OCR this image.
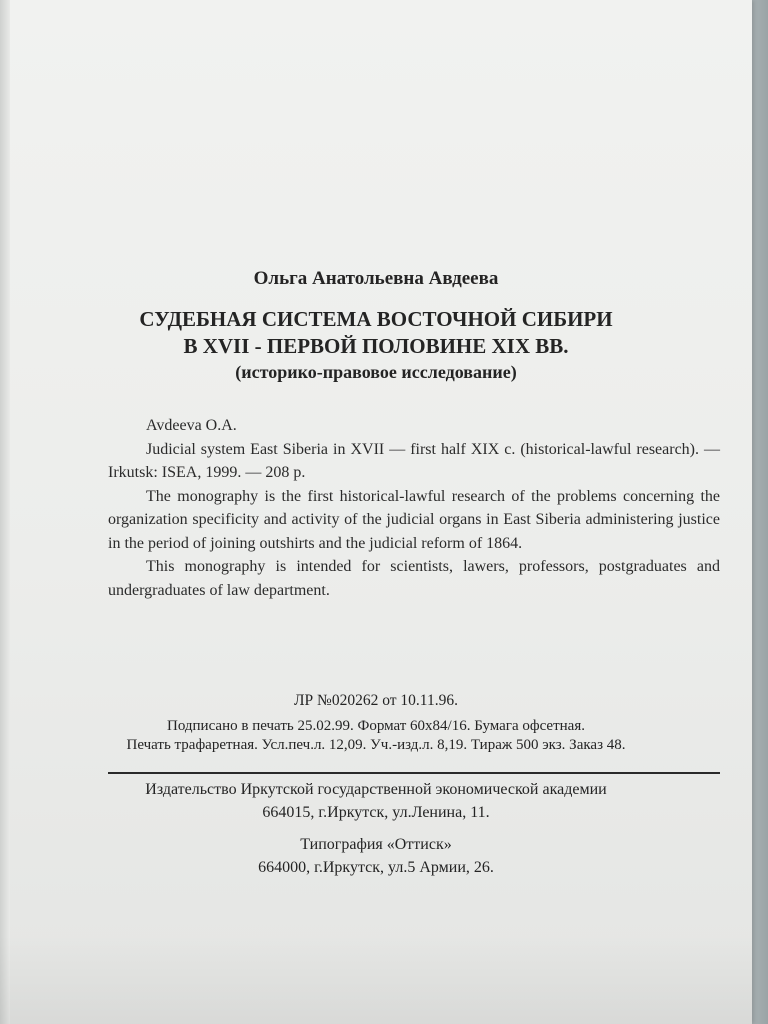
Ольга Анатольевна Авдеева
СУДЕБНАЯ СИСТЕМА ВОСТОЧНОЙ СИБИРИ
В XVII - ПЕРВОЙ ПОЛОВИНЕ XIX ВВ.
(историко-правовое исследование)

Avdeeva O.A.

Judicial system East Siberia in XVII — first half XIX c. (historical-lawful research). — Irkutsk: ISEA, 1999. — 208 p.

The monography is the first historical-lawful research of the problems concerning the organization specificity and activity of the judicial organs in East Siberia administering justice in the period of joining outshirts and the judicial reform of 1864.

This monography is intended for scientists, lawers, professors, postgraduates and undergraduates of law department.

ЛР №020262 от 10.11.96.
Подписано в печать 25.02.99. Формат 60x84/16. Бумага офсетная.
Печать трафаретная. Усл.печ.л. 12,09. Уч.-изд.л. 8,19. Тираж 500 экз. Заказ 48.
Издательство Иркутской государственной экономической академии
664015, г.Иркутск, ул.Ленина, 11.
Типография «Оттиск»
664000, г.Иркутск, ул.5 Армии, 26.
